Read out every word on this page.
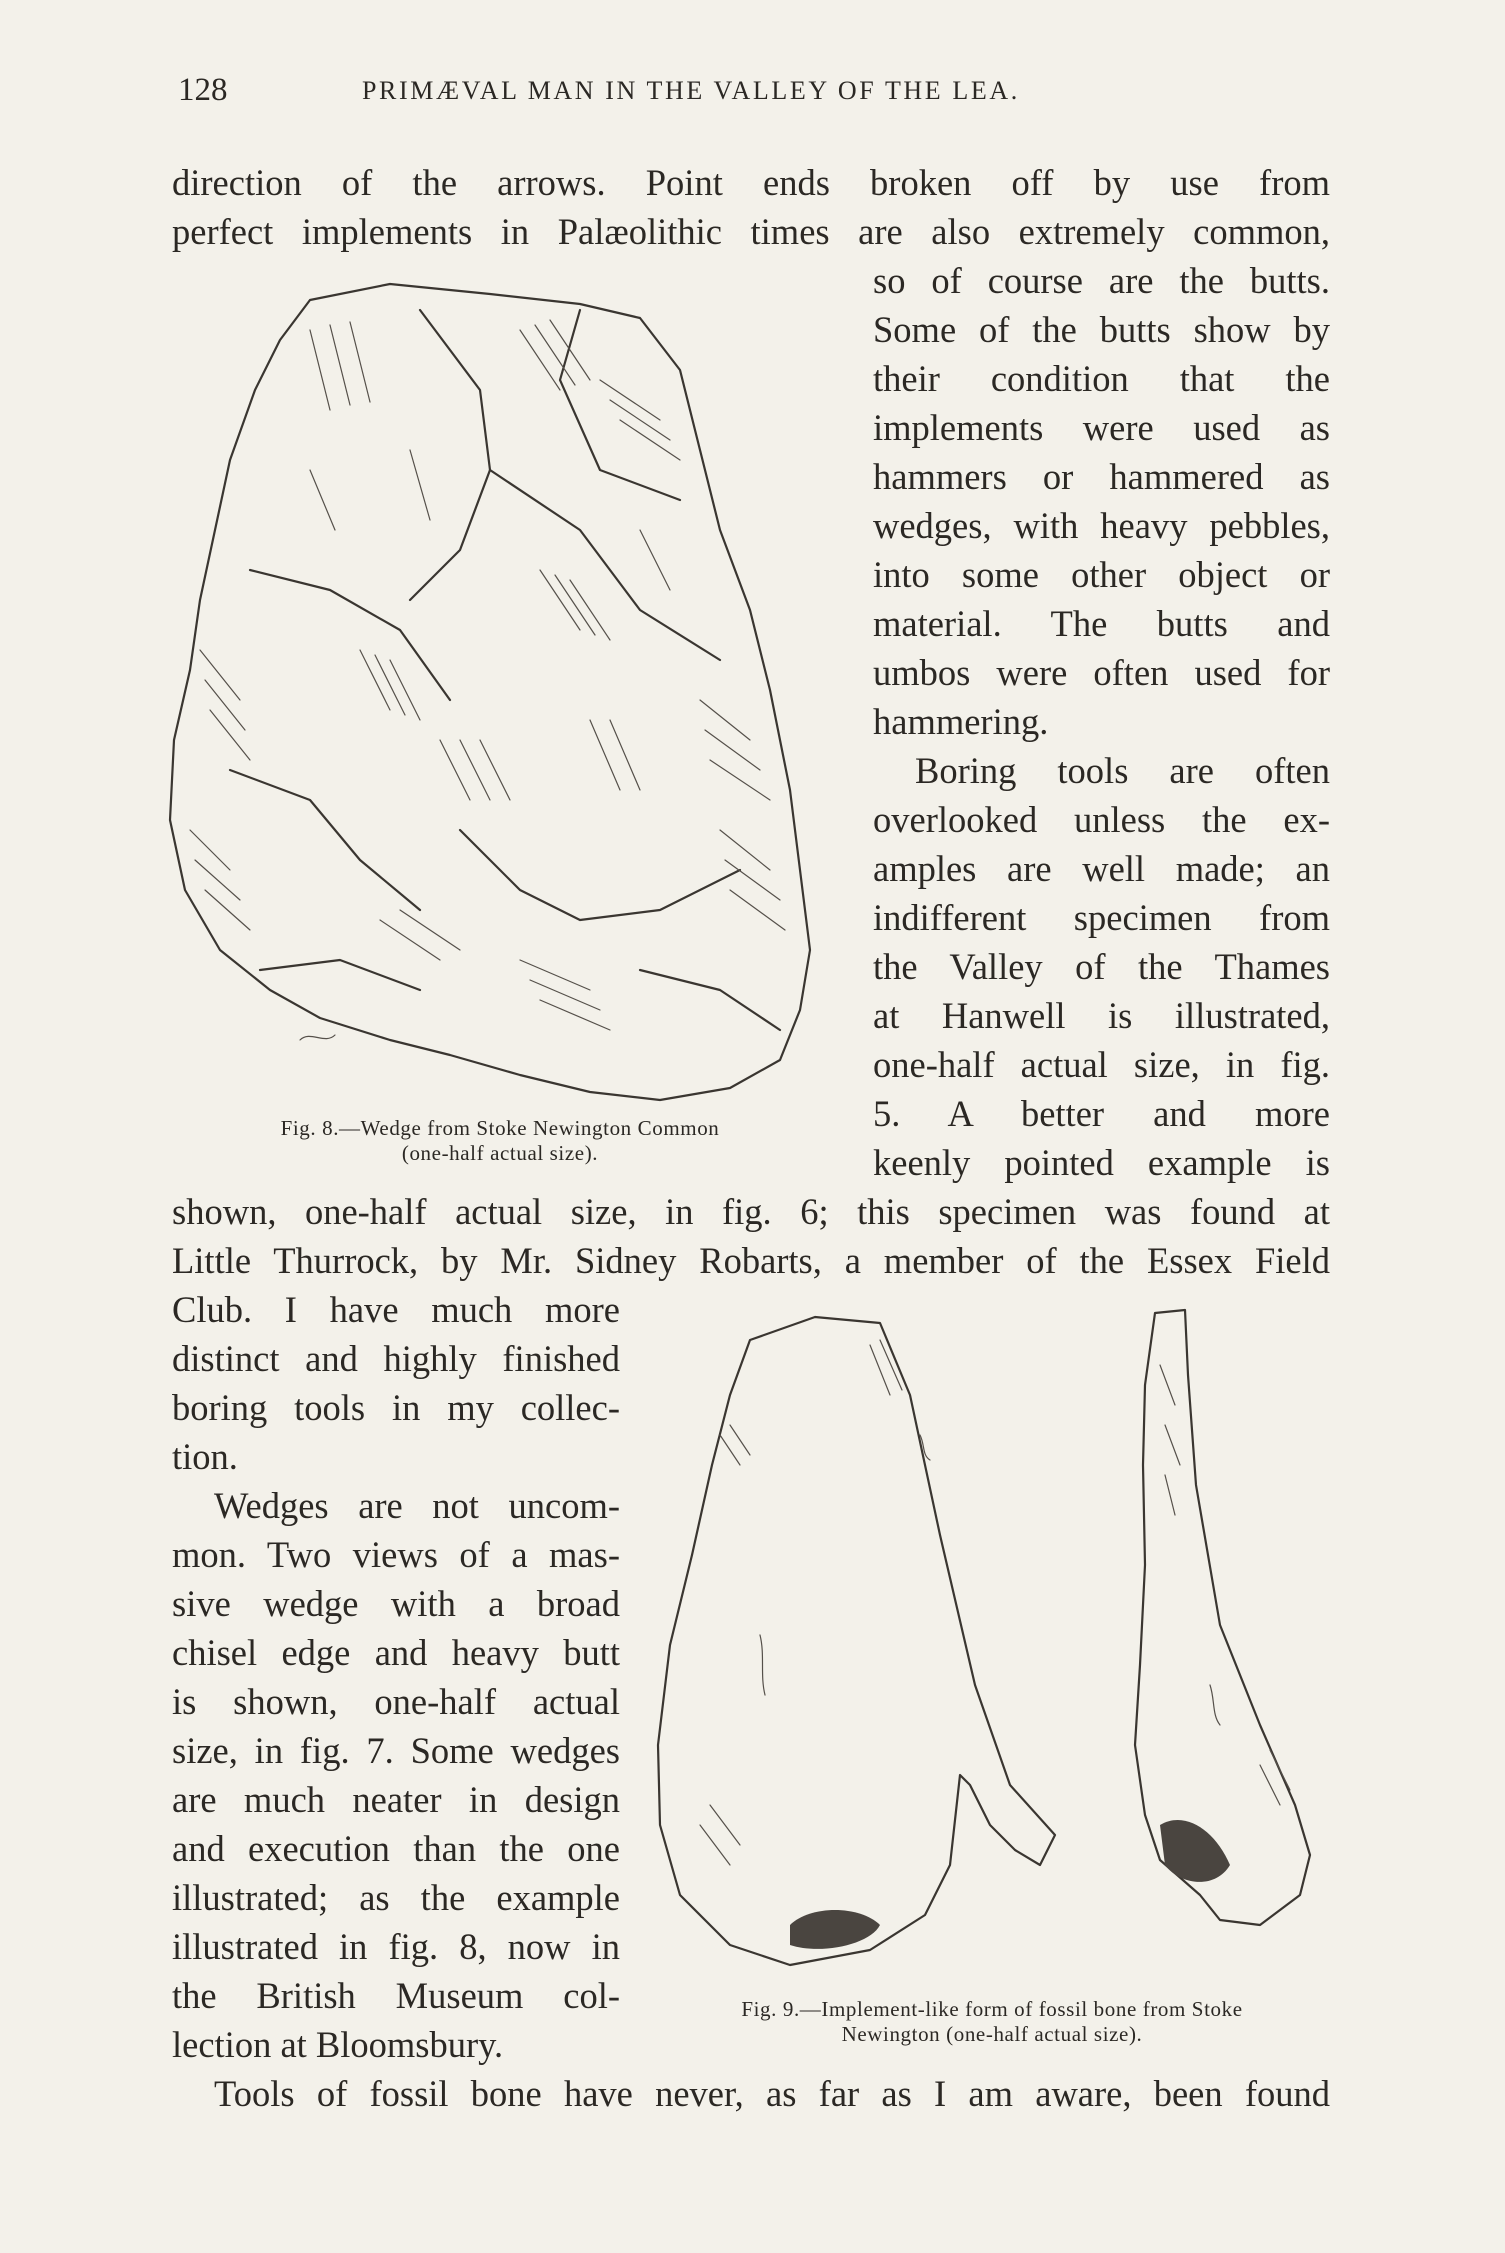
128	PRIMÆVAL MAN IN THE VALLEY OF THE LEA.
direction of the arrows. Point ends broken off by use from
perfect implements in Palæolithic times are also extremely common,
so of course are the butts.
Some of the butts show by
their condition that the
implements were used as
hammers or hammered as
wedges, with heavy pebbles,
into some other object or
material. The butts and
umbos were often used for
hammering.
Boring tools are often
overlooked unless the ex-
amples are well made; an
indifferent specimen from
the Valley of the Thames
at Hanwell is illustrated,
one-half actual size, in fig.
5. A better and more
keenly pointed example is
shown, one-half actual size, in fig. 6; this specimen was found at
Little Thurrock, by Mr. Sidney Robarts, a member of the Essex Field
Club. I have much more
distinct and highly finished
boring tools in my collec-
tion.
Wedges are not uncom-
mon. Two views of a mas-
sive wedge with a broad
chisel edge and heavy butt
is shown, one-half actual
size, in fig. 7. Some wedges
are much neater in design
and execution than the one
illustrated; as the example
illustrated in fig. 8, now in
the British Museum col-
lection at Bloomsbury.
Tools of fossil bone have never, as far as I am aware, been found
Fig. 8.—Wedge from Stoke Newington Common
(one-half actual size).
Fig. 9.—Implement-like form of fossil bone from Stoke
Newington (one-half actual size).
